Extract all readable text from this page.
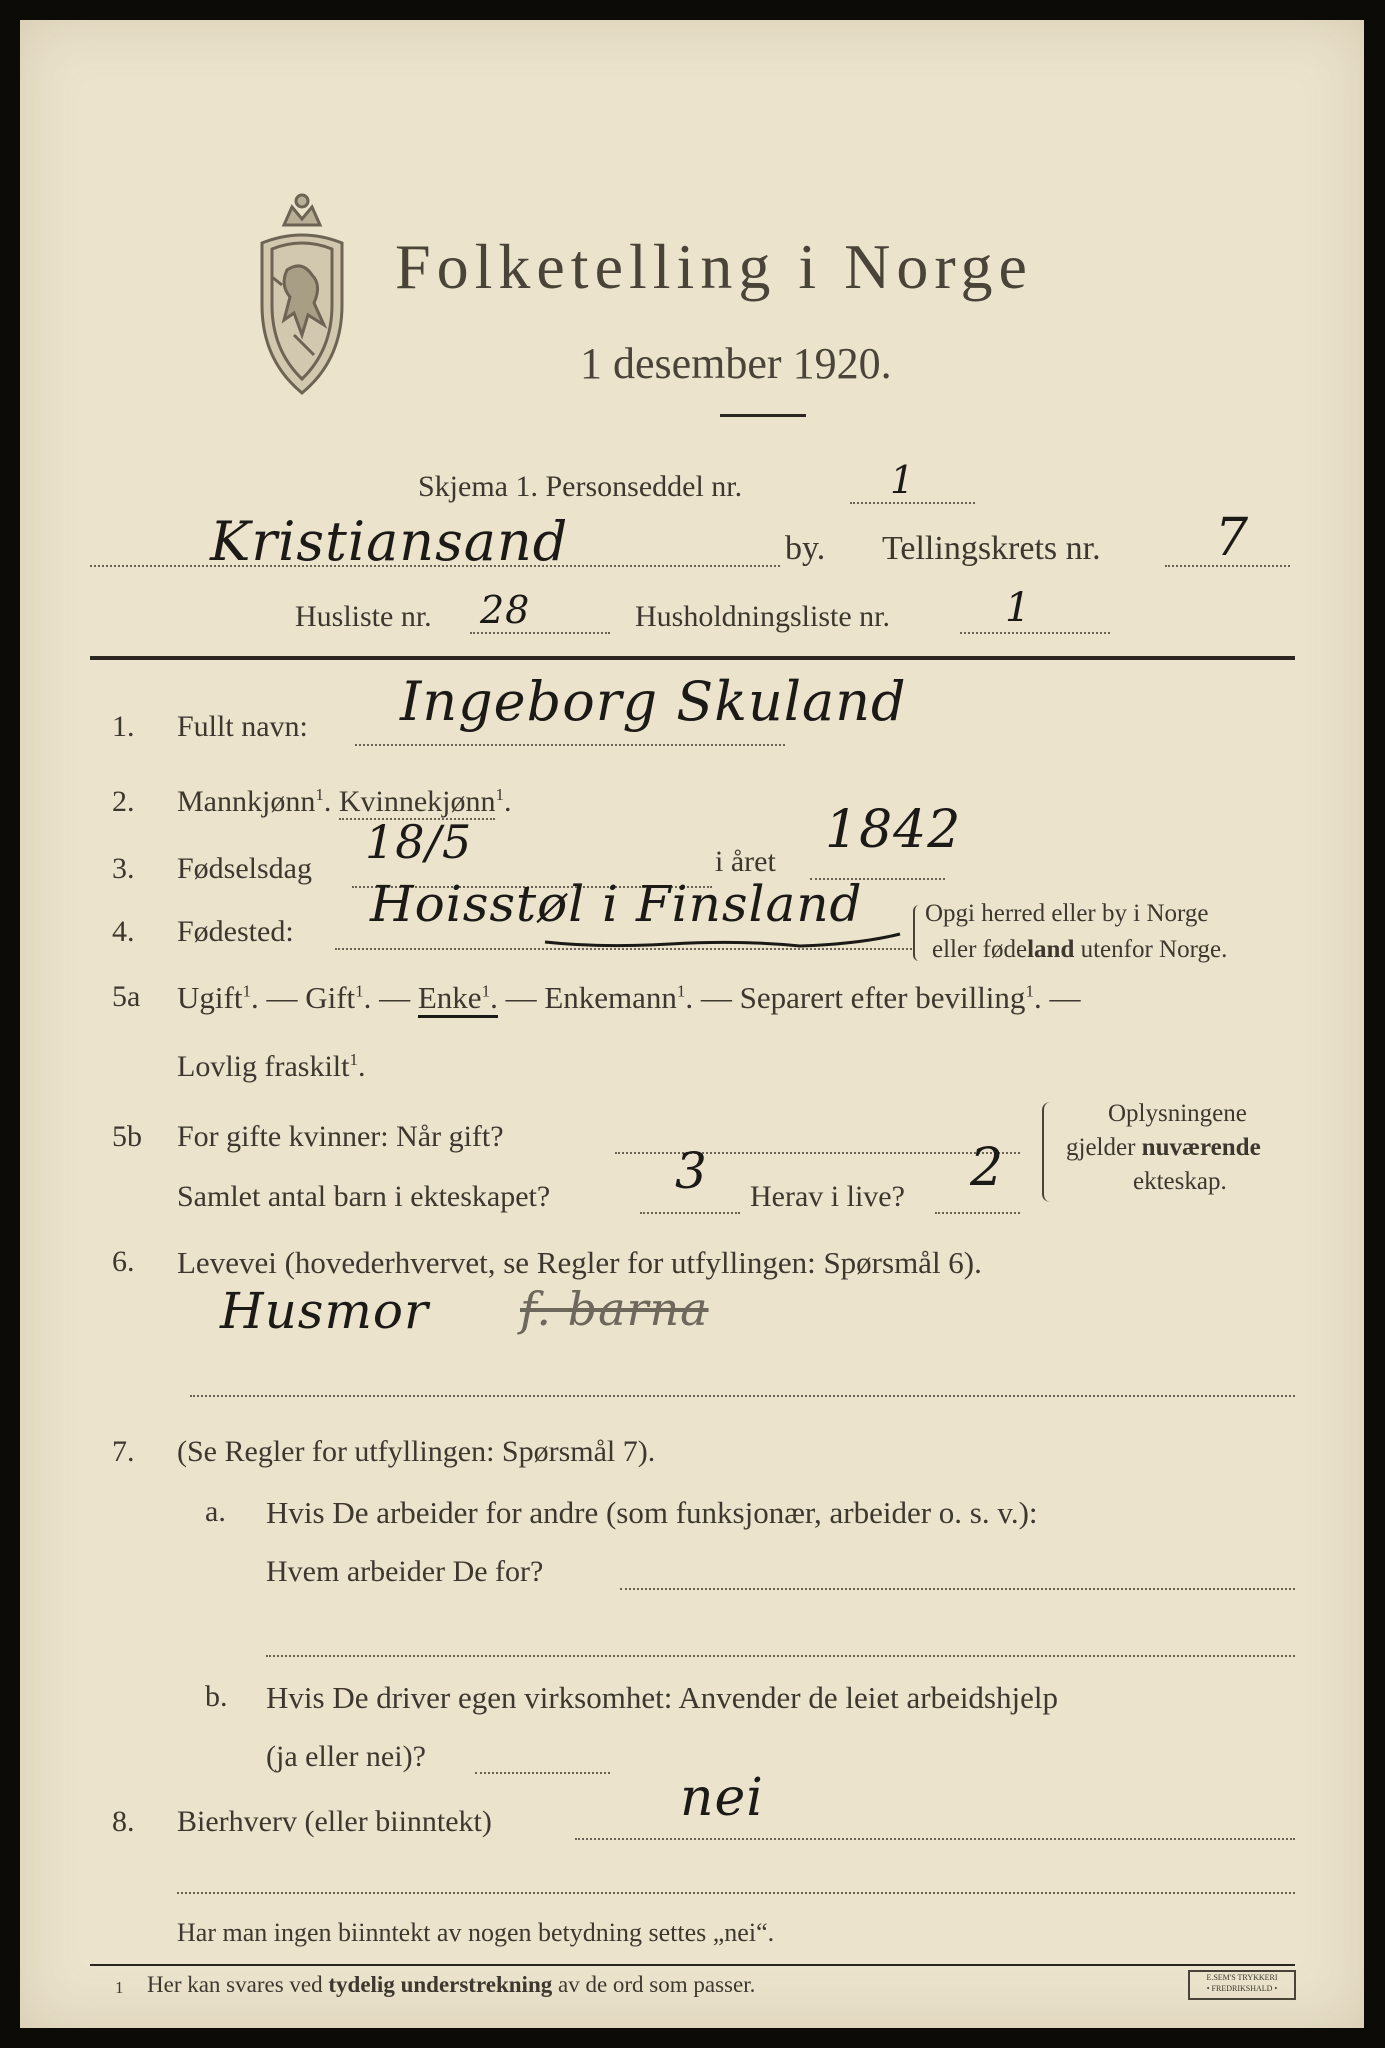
Folketelling i Norge
1 desember 1920.
Skjema 1. Personseddel nr.	1
Kristiansand	by. Tellingskrets nr. 7
Husliste nr. 28	Husholdningsliste nr.	1
1. Fullt navn: Ingeborg Skuland
2. Mannkjønn$^1$. Kvinnekjønn$^1$.
3. Fødselsdag 18/5	i året
1842
4. Fødested: Hoisstøl i Finsland Opgi herred eller by i Norge
eller fødeland utenfor Norge.
5a Ugift$^1$. — Gift$^1$. — Enke$^1$. — Enkemann$^1$. — Separert efter bevilling$^1$. —
Lovlig fraskilt$^1$.
5b For gifte kvinner: Når gift?
Samlet antal barn i ekteskapet? 3 Herav i live? 2
Oplysningene
gjelder nuværende
ekteskap.
6. Levevei (hovederhvervet, se Regler for utfyllingen: Spørsmål 6).
Husmor f. barna
7. (Se Regler for utfyllingen: Spørsmål 7).
a. Hvis De arbeider for andre (som funksjonær, arbeider o. s. v.):
Hvem arbeider De for?
b. Hvis De driver egen virksomhet: Anvender de leiet arbeidshjelp
(ja eller nei)?
8. Bierhverv (eller biinntekt)	nei
Har man ingen biinntekt av nogen betydning settes „nei“.
1 Her kan svares ved tydelig understrekning av de ord som passer.	E.SEM'S TRYKKERI
• FREDRIKSHALD •
